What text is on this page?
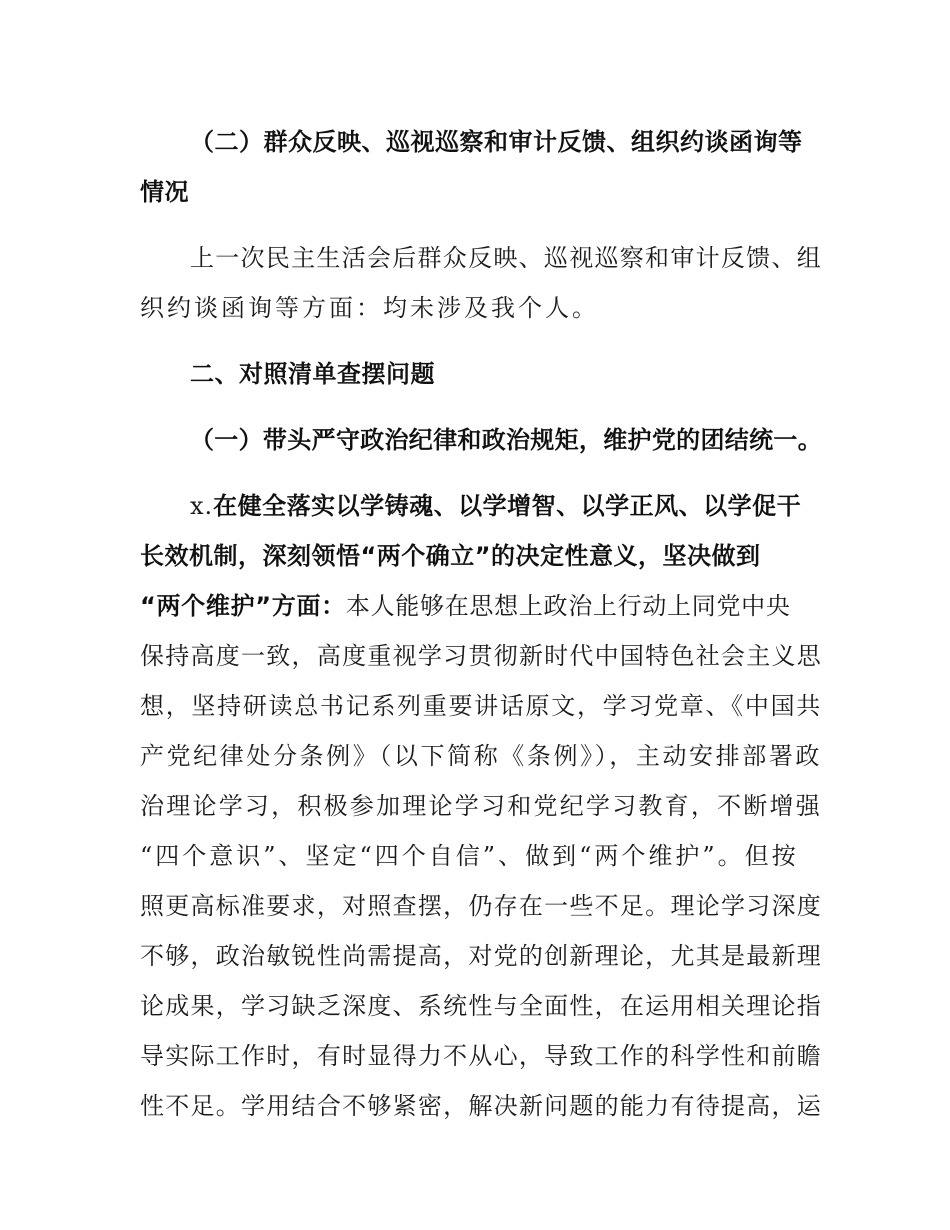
（二）群众反映、巡视巡察和审计反馈、组织约谈函询等
情况
上一次民主生活会后群众反映、巡视巡察和审计反馈、组
织约谈函询等方面：均未涉及我个人。
二、对照清单查摆问题
（一）带头严守政治纪律和政治规矩，维护党的团结统一。
x.在健全落实以学铸魂、以学增智、以学正风、以学促干
长效机制，深刻领悟“两个确立”的决定性意义，坚决做到
“两个维护”方面：本人能够在思想上政治上行动上同党中央
保持高度一致，高度重视学习贯彻新时代中国特色社会主义思
想，坚持研读总书记系列重要讲话原文，学习党章、《中国共
产党纪律处分条例》（以下简称《条例》），主动安排部署政
治理论学习，积极参加理论学习和党纪学习教育，不断增强
“四个意识”、坚定“四个自信”、做到“两个维护”。但按
照更高标准要求，对照查摆，仍存在一些不足。理论学习深度
不够，政治敏锐性尚需提高，对党的创新理论，尤其是最新理
论成果，学习缺乏深度、系统性与全面性，在运用相关理论指
导实际工作时，有时显得力不从心，导致工作的科学性和前瞻
性不足。学用结合不够紧密，解决新问题的能力有待提高，运
